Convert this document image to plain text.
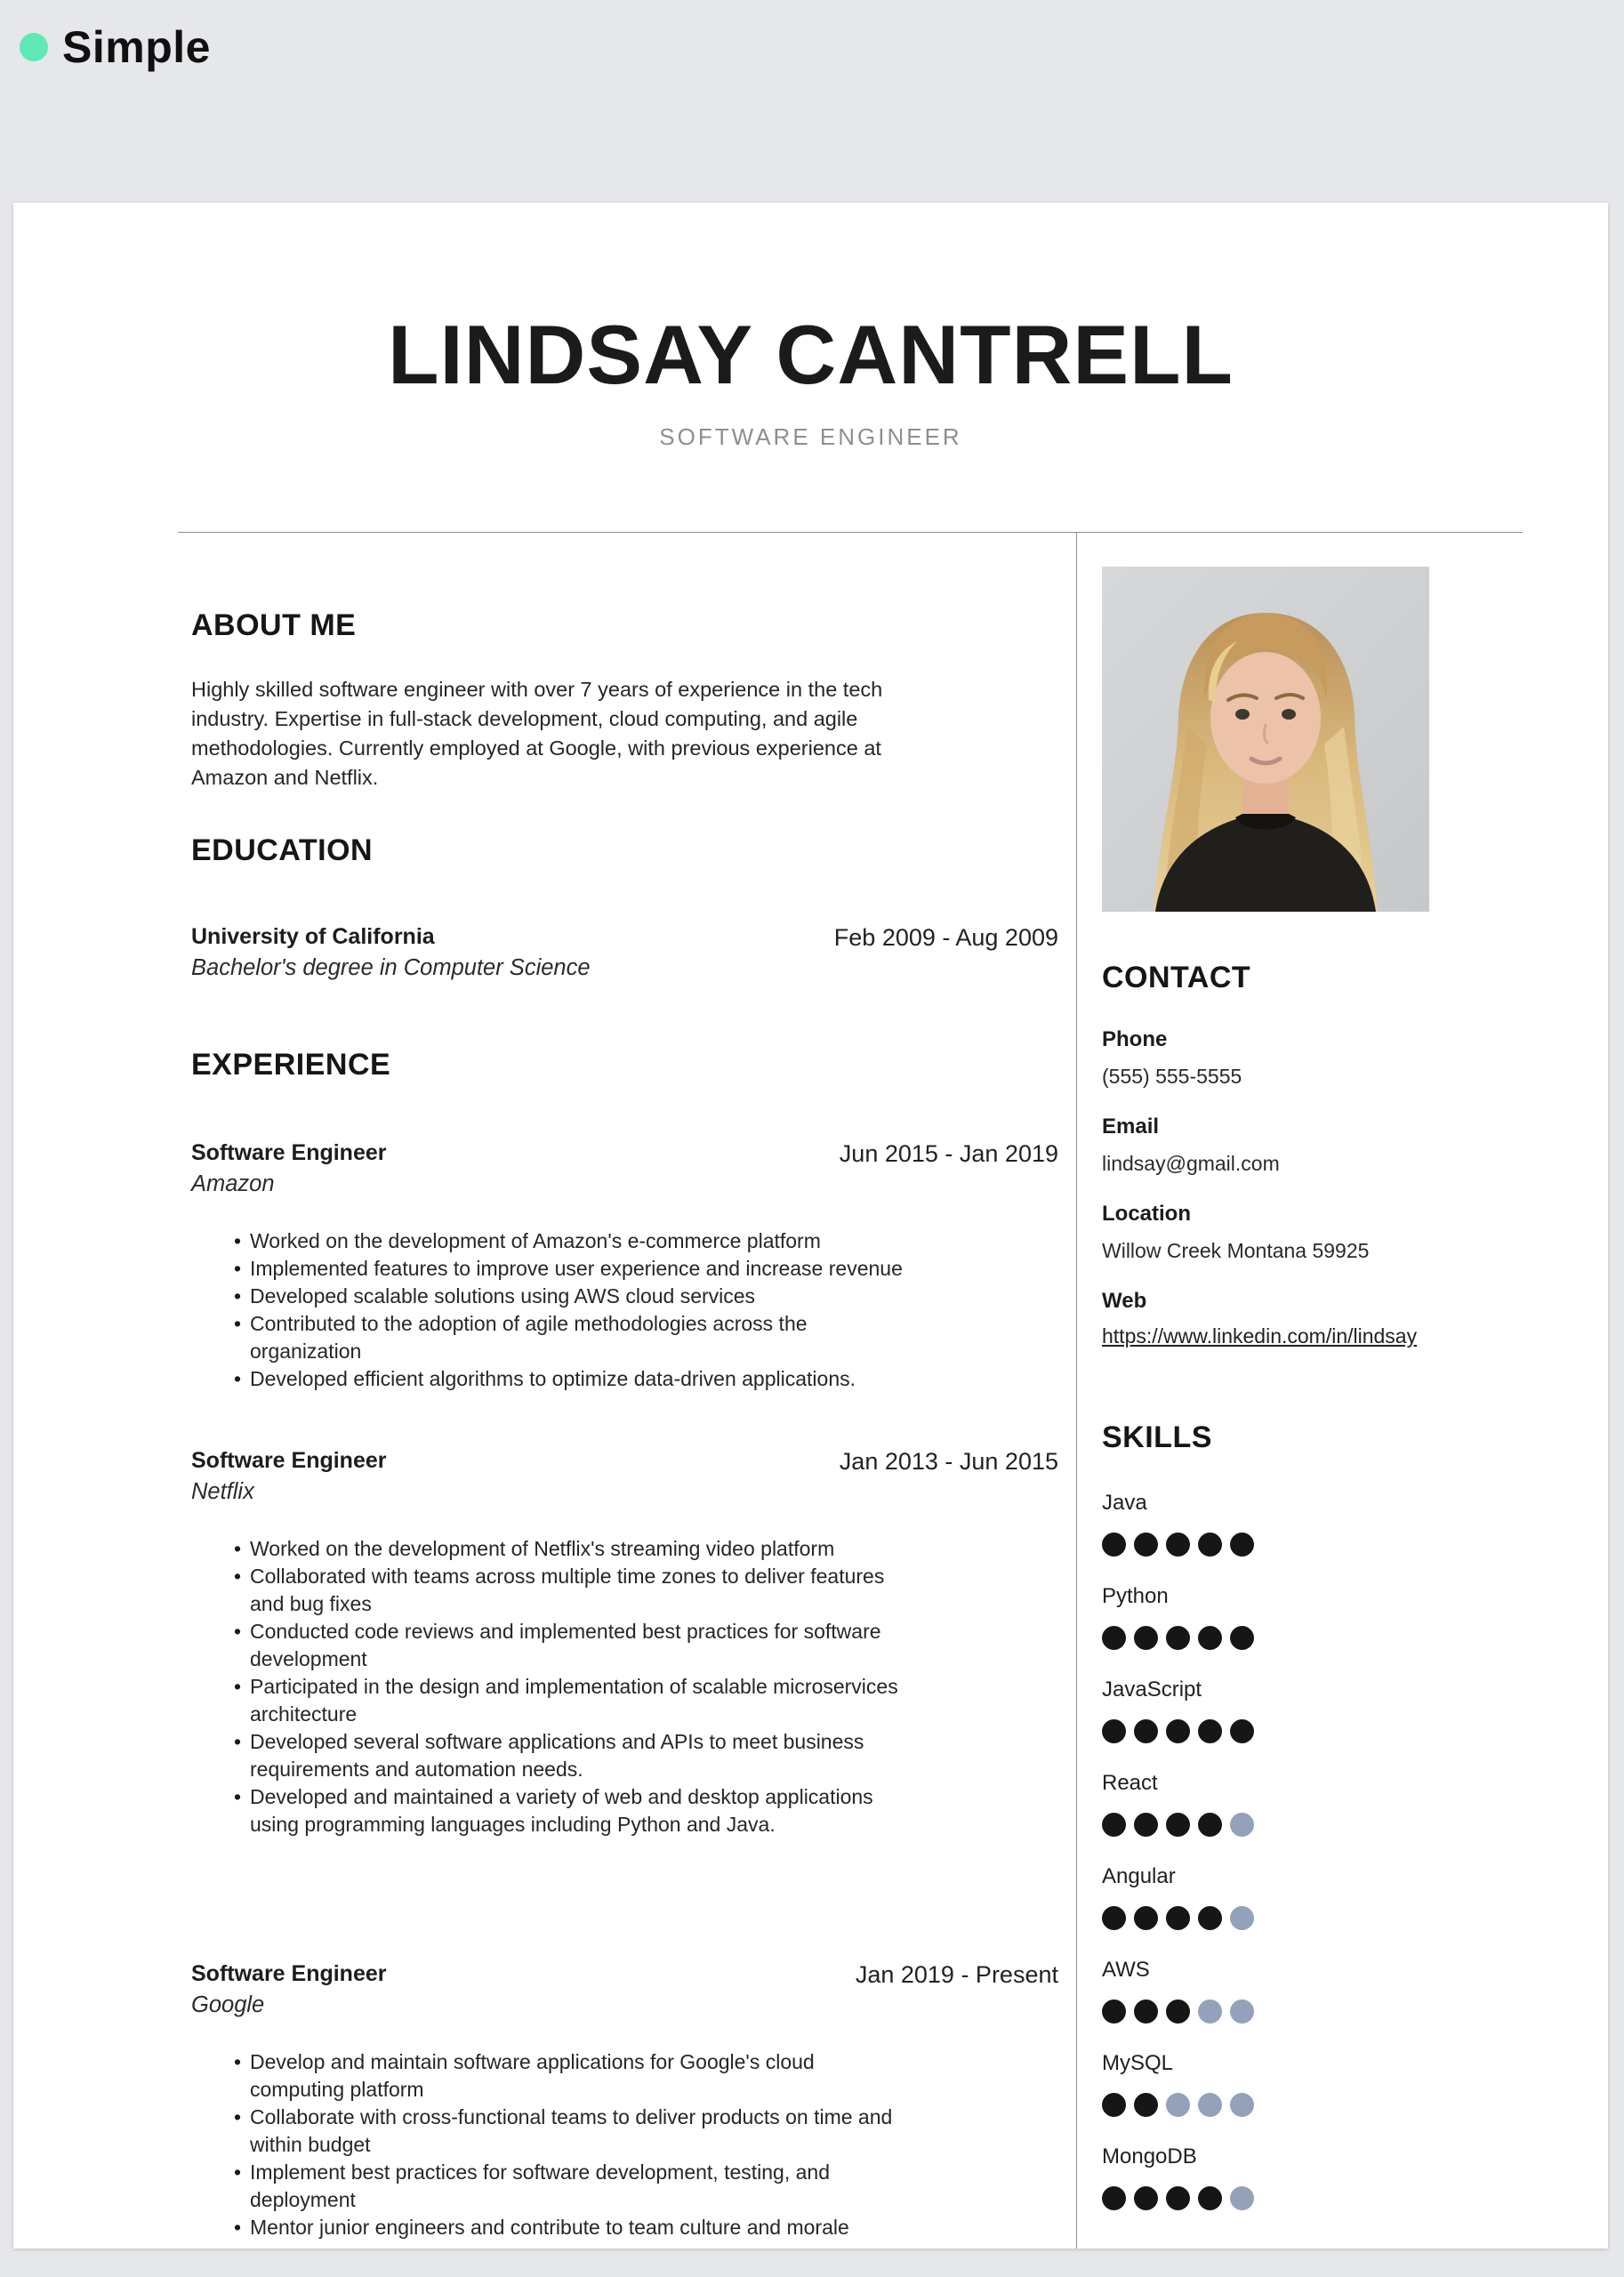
Simple
LINDSAY CANTRELL
SOFTWARE ENGINEER
ABOUT ME

Highly skilled software engineer with over 7 years of experience in the tech industry. Expertise in full-stack development, cloud computing, and agile methodologies. Currently employed at Google, with previous experience at Amazon and Netflix.

EDUCATION
University of California
Bachelor's degree in Computer Science
Feb 2009 - Aug 2009
EXPERIENCE
Software Engineer
Amazon
Jun 2015 - Jan 2019
• Worked on the development of Amazon's e-commerce platform
• Implemented features to improve user experience and increase revenue
• Developed scalable solutions using AWS cloud services
• Contributed to the adoption of agile methodologies across the organization
• Developed efficient algorithms to optimize data-driven applications.
Software Engineer
Netflix
Jan 2013 - Jun 2015
• Worked on the development of Netflix's streaming video platform
• Collaborated with teams across multiple time zones to deliver features and bug fixes
• Conducted code reviews and implemented best practices for software development
• Participated in the design and implementation of scalable microservices architecture
• Developed several software applications and APIs to meet business requirements and automation needs.
• Developed and maintained a variety of web and desktop applications using programming languages including Python and Java.
Software Engineer
Google
Jan 2019 - Present
• Develop and maintain software applications for Google's cloud computing platform
• Collaborate with cross-functional teams to deliver products on time and within budget
• Implement best practices for software development, testing, and deployment
• Mentor junior engineers and contribute to team culture and morale
CONTACT
Phone
(555) 555-5555
Email
lindsay@gmail.com
Location
Willow Creek Montana 59925
Web
https://www.linkedin.com/in/lindsay
SKILLS
Java
Python
JavaScript
React
Angular
AWS
MySQL
MongoDB
